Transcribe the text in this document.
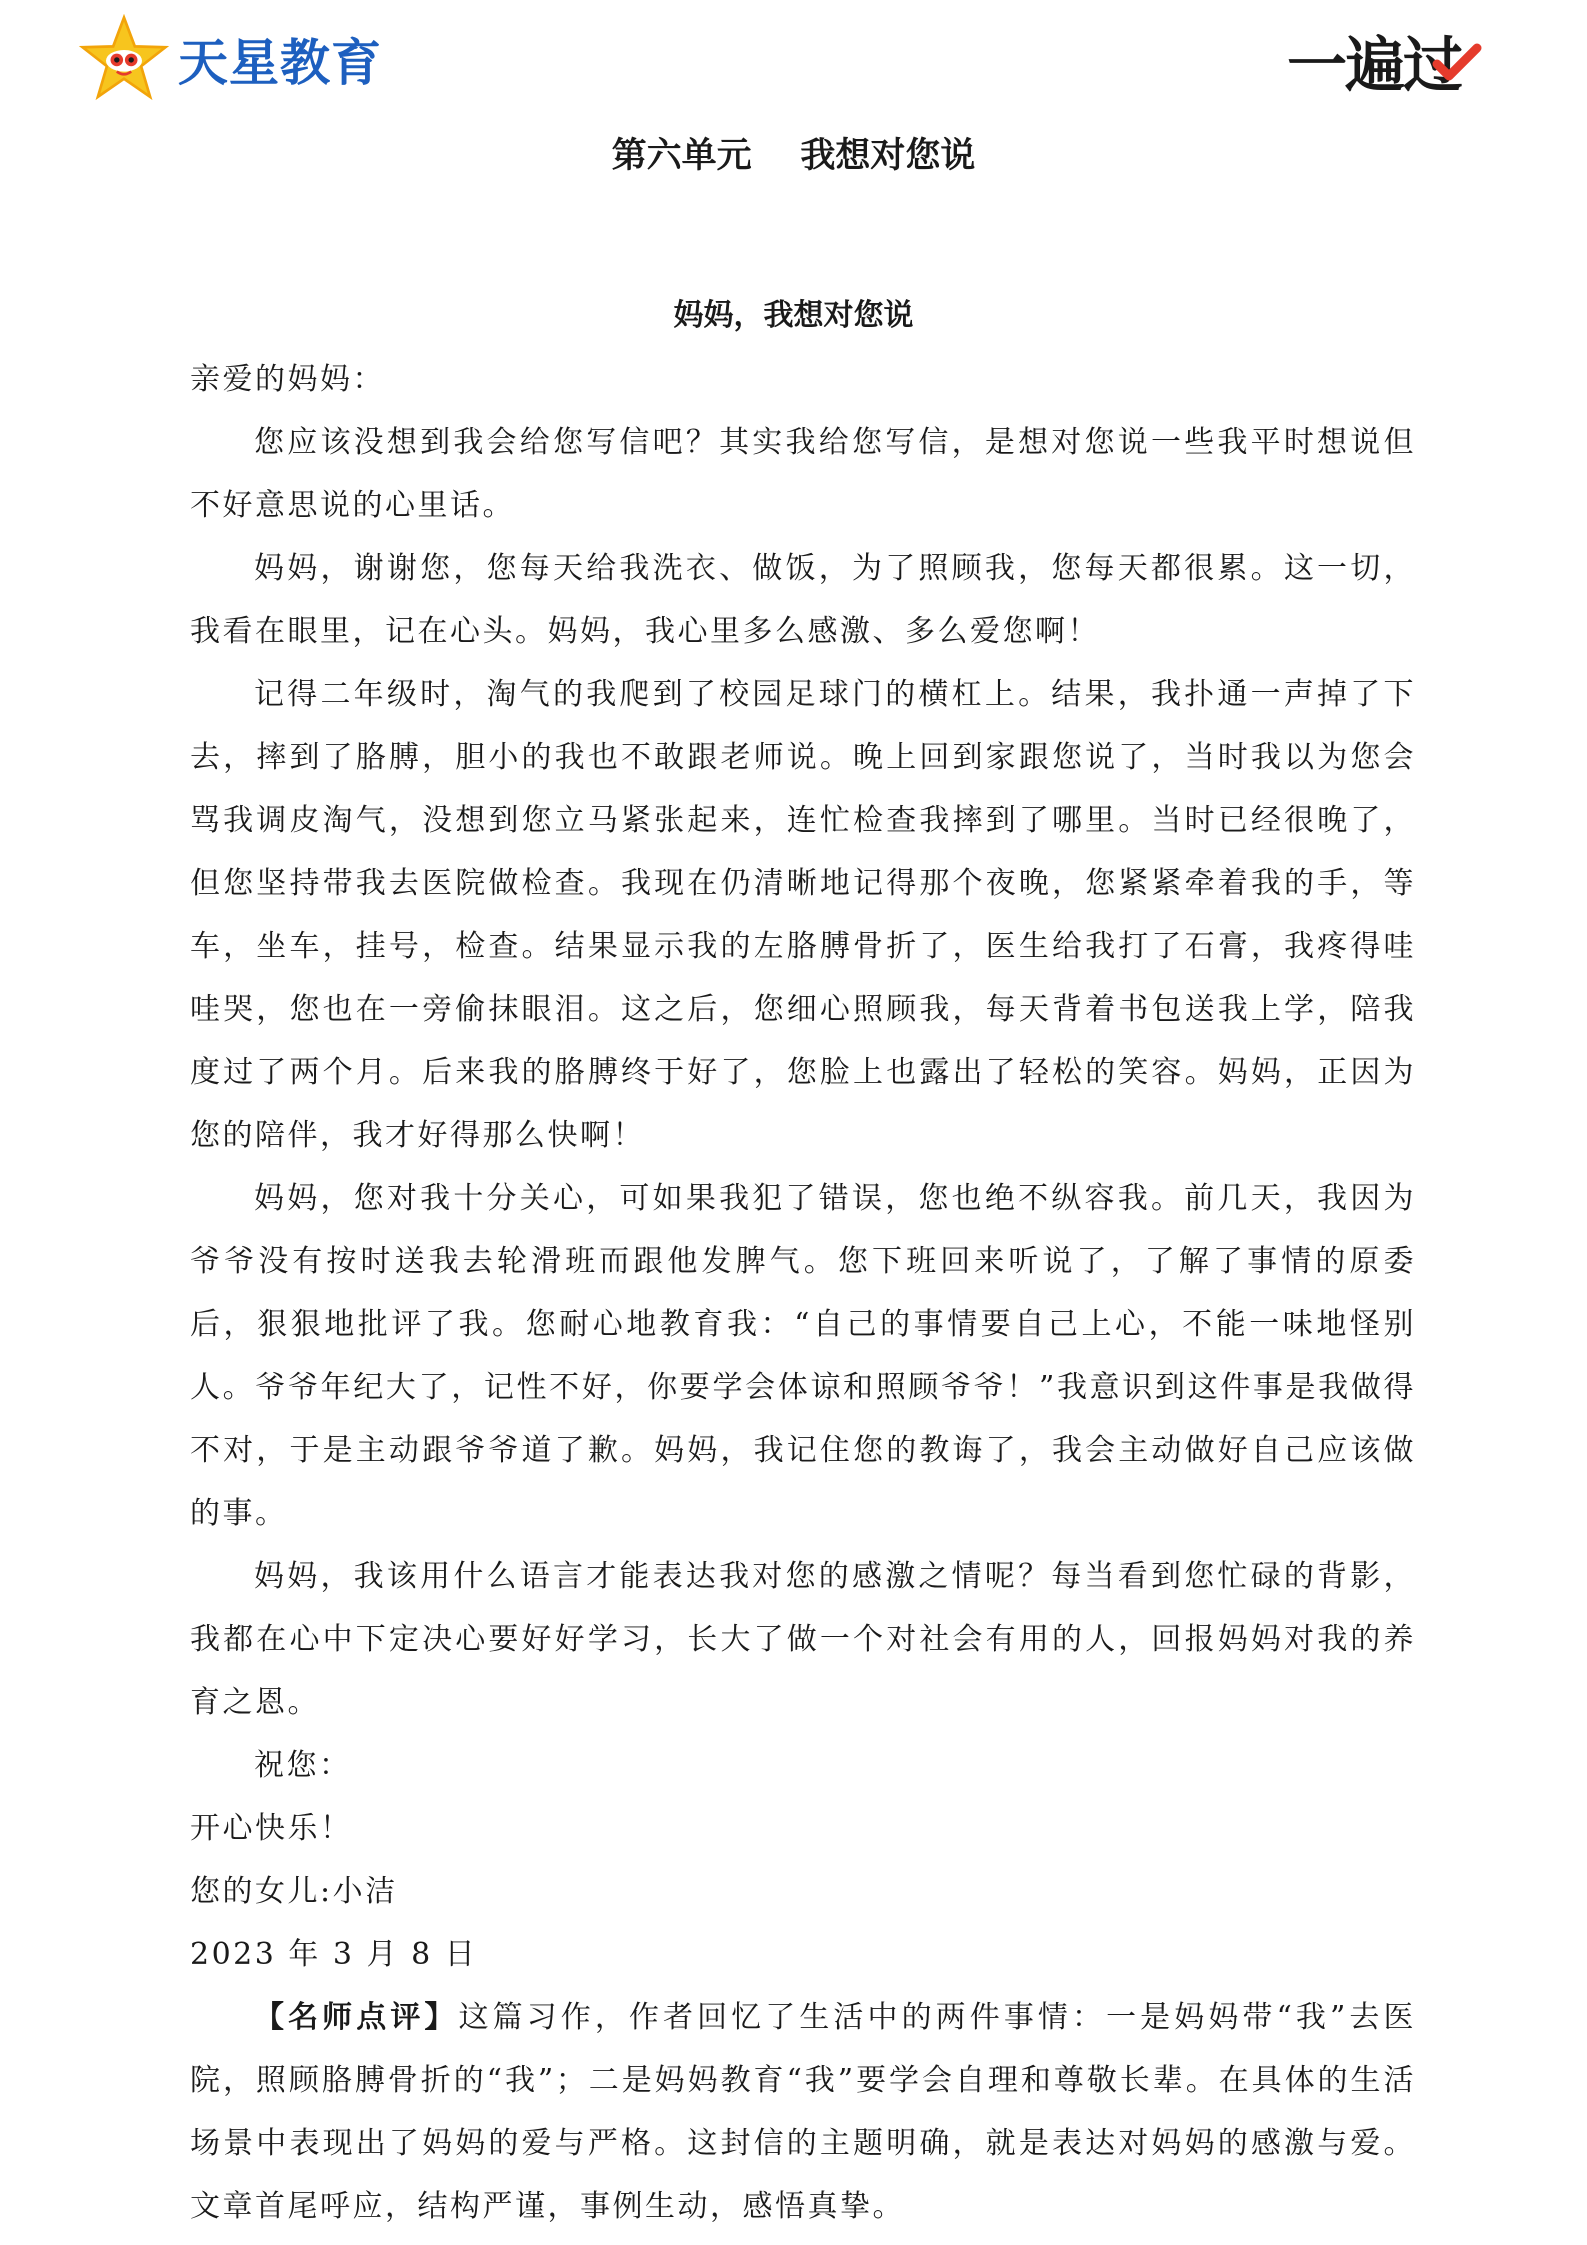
天星教育	一遍过
第六单元    我想对您说
妈妈，我想对您说

亲爱的妈妈：

您应该没想到我会给您写信吧？其实我给您写信，是想对您说一些我平时想说但不好意思说的心里话。

妈妈，谢谢您，您每天给我洗衣、做饭，为了照顾我，您每天都很累。这一切，我看在眼里，记在心头。妈妈，我心里多么感激、多么爱您啊！

记得二年级时，淘气的我爬到了校园足球门的横杠上。结果，我扑通一声掉了下去，摔到了胳膊，胆小的我也不敢跟老师说。晚上回到家跟您说了，当时我以为您会骂我调皮淘气，没想到您立马紧张起来，连忙检查我摔到了哪里。当时已经很晚了，但您坚持带我去医院做检查。我现在仍清晰地记得那个夜晚，您紧紧牵着我的手，等车，坐车，挂号，检查。结果显示我的左胳膊骨折了，医生给我打了石膏，我疼得哇哇哭，您也在一旁偷抹眼泪。这之后，您细心照顾我，每天背着书包送我上学，陪我度过了两个月。后来我的胳膊终于好了，您脸上也露出了轻松的笑容。妈妈，正因为您的陪伴，我才好得那么快啊！

妈妈，您对我十分关心，可如果我犯了错误，您也绝不纵容我。前几天，我因为爷爷没有按时送我去轮滑班而跟他发脾气。您下班回来听说了，了解了事情的原委后，狠狠地批评了我。您耐心地教育我：“自己的事情要自己上心，不能一味地怪别人。爷爷年纪大了，记性不好，你要学会体谅和照顾爷爷！”我意识到这件事是我做得不对，于是主动跟爷爷道了歉。妈妈，我记住您的教诲了，我会主动做好自己应该做的事。

妈妈，我该用什么语言才能表达我对您的感激之情呢？每当看到您忙碌的背影，我都在心中下定决心要好好学习，长大了做一个对社会有用的人，回报妈妈对我的养育之恩。

祝您：

开心快乐！

您的女儿:小洁

2023 年 3 月 8 日

【名师点评】这篇习作，作者回忆了生活中的两件事情：一是妈妈带“我”去医院，照顾胳膊骨折的“我”；二是妈妈教育“我”要学会自理和尊敬长辈。在具体的生活场景中表现出了妈妈的爱与严格。这封信的主题明确，就是表达对妈妈的感激与爱。文章首尾呼应，结构严谨，事例生动，感悟真挚。
